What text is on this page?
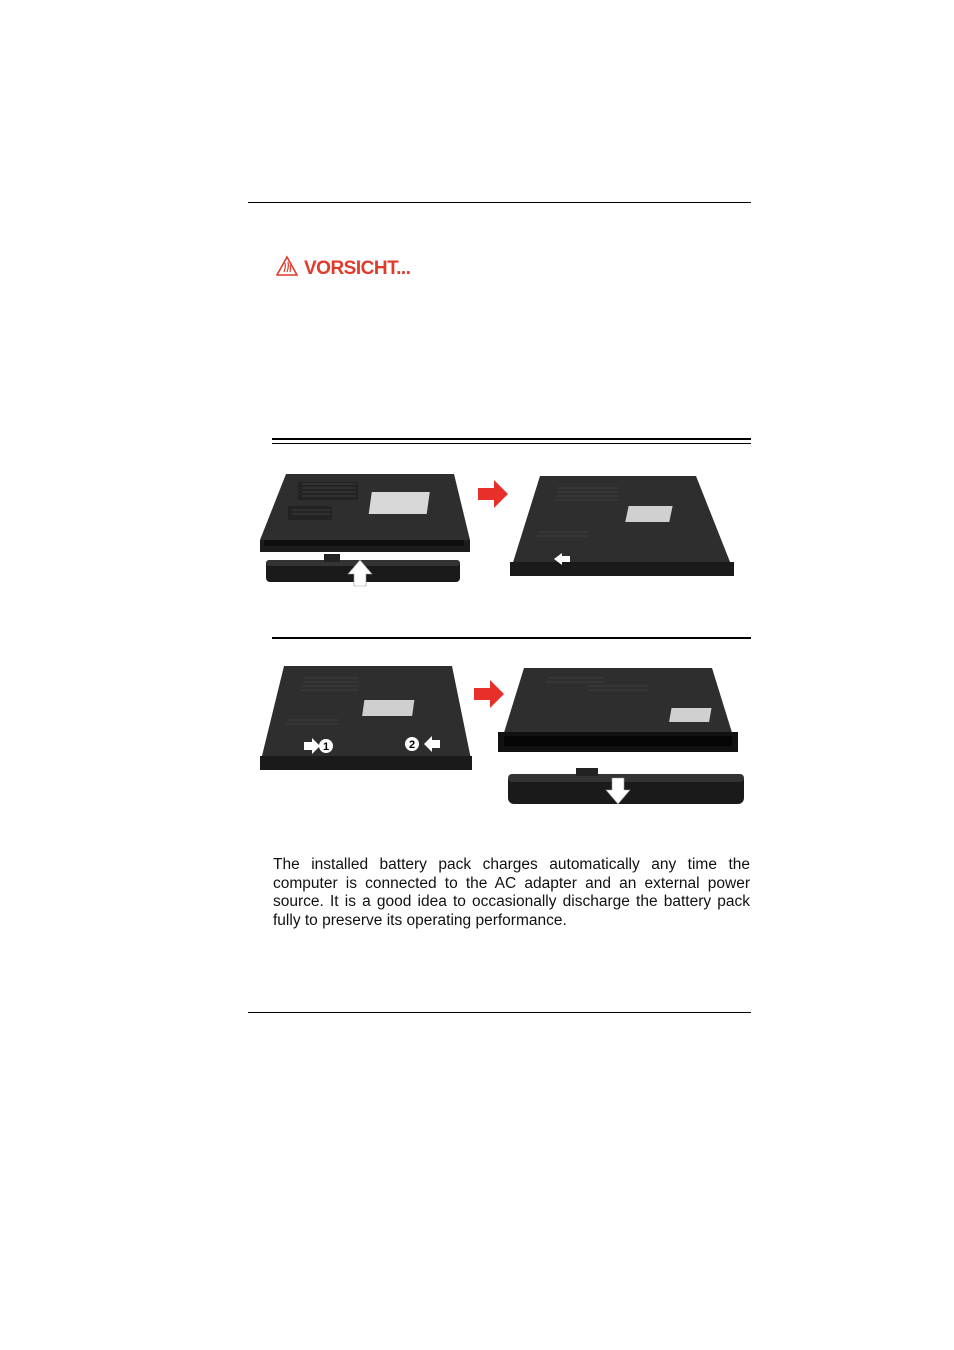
VORSICHT...
1	2
The installed battery pack charges automatically any time the computer is connected to the AC adapter and an external power source. It is a good idea to occasionally discharge the battery pack fully to preserve its operating performance.
